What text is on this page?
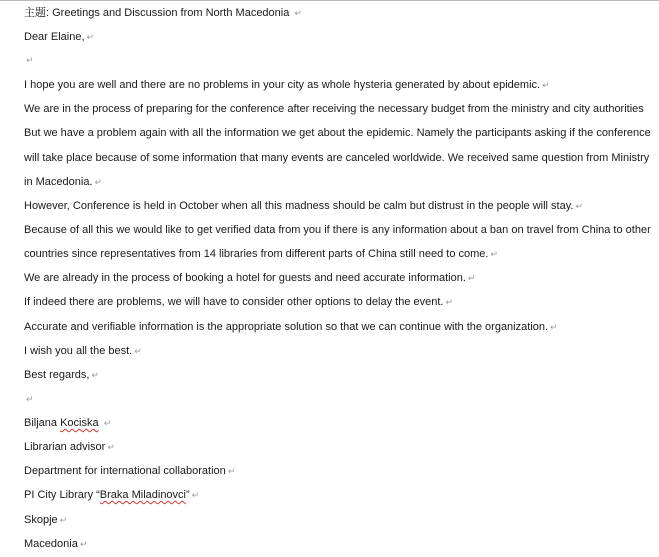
主题: Greetings and Discussion from North Macedonia ↵
Dear Elaine, ↵
↵
I hope you are well and there are no problems in your city as whole hysteria generated by about epidemic. ↵
We are in the process of preparing for the conference after receiving the necessary budget from the ministry and city authorities
But we have a problem again with all the information we get about the epidemic. Namely the participants asking if the conference
will take place because of some information that many events are canceled worldwide. We received same question from Ministry
in Macedonia. ↵
However, Conference is held in October when all this madness should be calm but distrust in the people will stay. ↵
Because of all this we would like to get verified data from you if there is any information about a ban on travel from China to other
countries since representatives from 14 libraries from different parts of China still need to come. ↵
We are already in the process of booking a hotel for guests and need accurate information. ↵
If indeed there are problems, we will have to consider other options to delay the event. ↵
Accurate and verifiable information is the appropriate solution so that we can continue with the organization. ↵
I wish you all the best. ↵
Best regards, ↵
↵
Biljana Kociska ↵
Librarian advisor ↵
Department for international collaboration ↵
PI City Library “Braka Miladinovci” ↵
Skopje ↵
Macedonia ↵
